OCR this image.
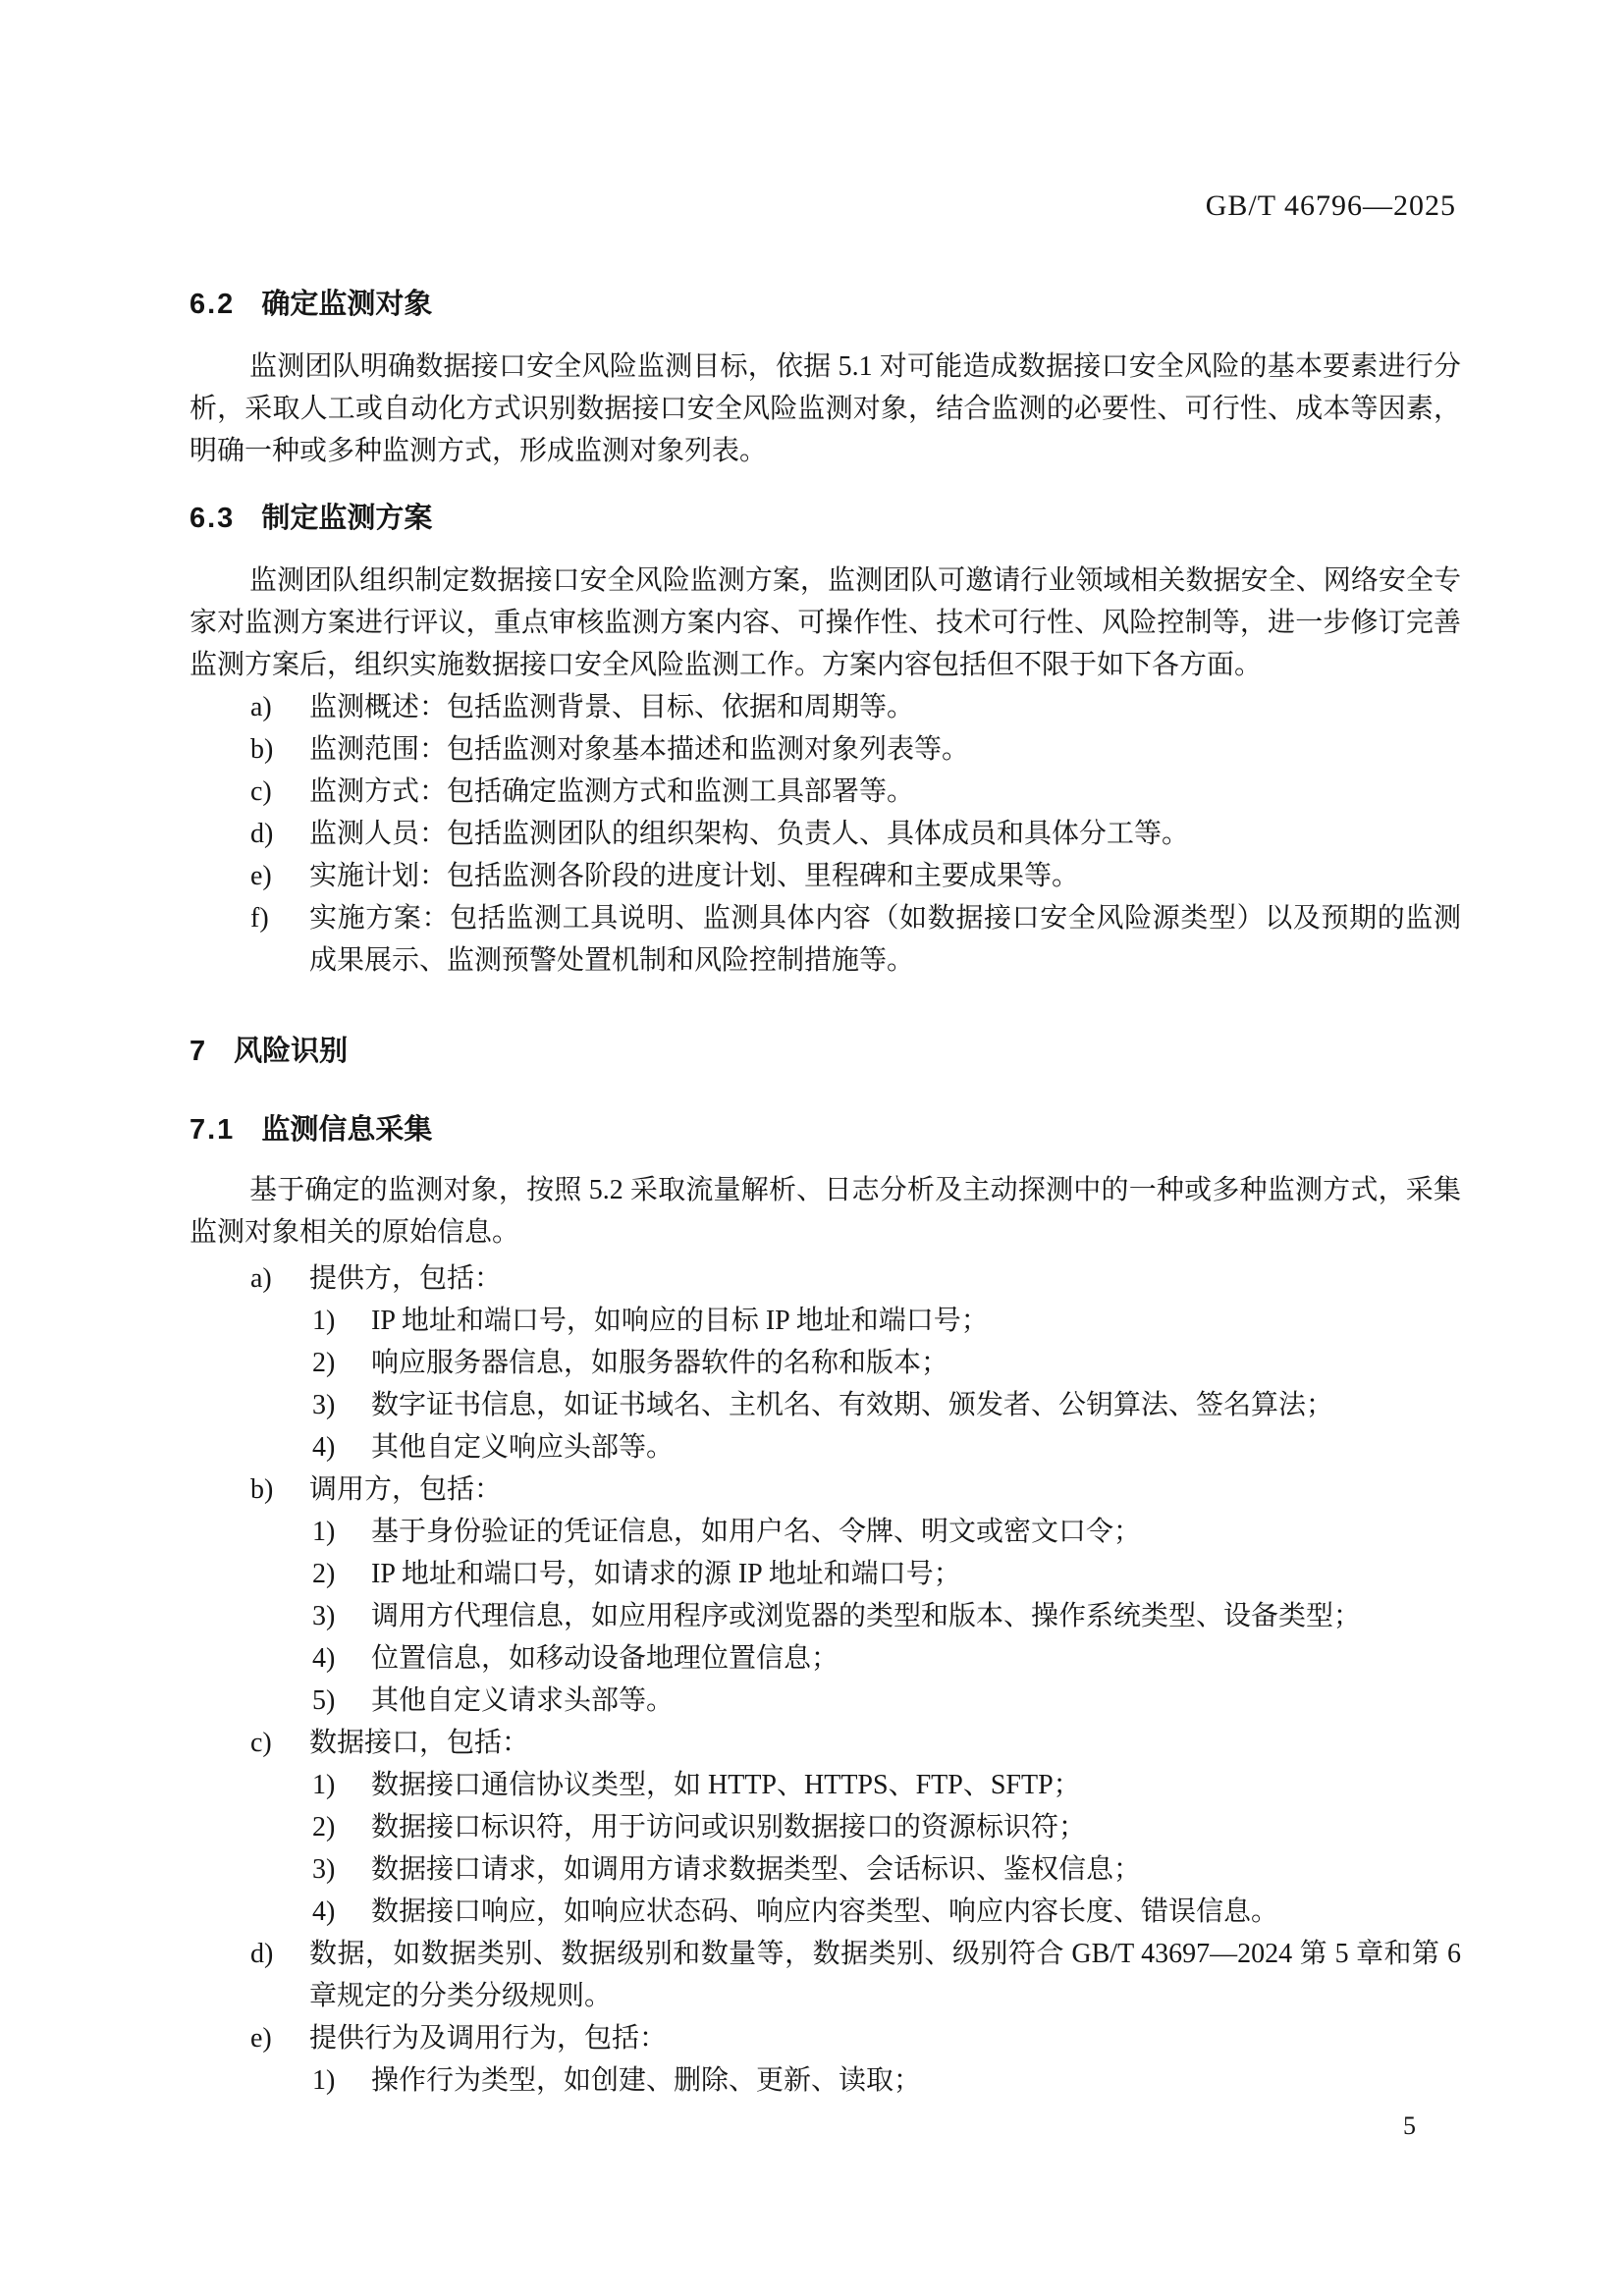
GB/T 46796—2025
6.2 确定监测对象
监测团队明确数据接口安全风险监测目标，依据 5.1 对可能造成数据接口安全风险的基本要素进行分析，采取人工或自动化方式识别数据接口安全风险监测对象，结合监测的必要性、可行性、成本等因素，明确一种或多种监测方式，形成监测对象列表。
6.3 制定监测方案
监测团队组织制定数据接口安全风险监测方案，监测团队可邀请行业领域相关数据安全、网络安全专家对监测方案进行评议，重点审核监测方案内容、可操作性、技术可行性、风险控制等，进一步修订完善监测方案后，组织实施数据接口安全风险监测工作。方案内容包括但不限于如下各方面。
a) 监测概述：包括监测背景、目标、依据和周期等。
b) 监测范围：包括监测对象基本描述和监测对象列表等。
c) 监测方式：包括确定监测方式和监测工具部署等。
d) 监测人员：包括监测团队的组织架构、负责人、具体成员和具体分工等。
e) 实施计划：包括监测各阶段的进度计划、里程碑和主要成果等。
f) 实施方案：包括监测工具说明、监测具体内容（如数据接口安全风险源类型）以及预期的监测成果展示、监测预警处置机制和风险控制措施等。
7 风险识别
7.1 监测信息采集
基于确定的监测对象，按照 5.2 采取流量解析、日志分析及主动探测中的一种或多种监测方式，采集监测对象相关的原始信息。
a) 提供方，包括：
1) IP 地址和端口号，如响应的目标 IP 地址和端口号；
2) 响应服务器信息，如服务器软件的名称和版本；
3) 数字证书信息，如证书域名、主机名、有效期、颁发者、公钥算法、签名算法；
4) 其他自定义响应头部等。
b) 调用方，包括：
1) 基于身份验证的凭证信息，如用户名、令牌、明文或密文口令；
2) IP 地址和端口号，如请求的源 IP 地址和端口号；
3) 调用方代理信息，如应用程序或浏览器的类型和版本、操作系统类型、设备类型；
4) 位置信息，如移动设备地理位置信息；
5) 其他自定义请求头部等。
c) 数据接口，包括：
1) 数据接口通信协议类型，如 HTTP、HTTPS、FTP、SFTP；
2) 数据接口标识符，用于访问或识别数据接口的资源标识符；
3) 数据接口请求，如调用方请求数据类型、会话标识、鉴权信息；
4) 数据接口响应，如响应状态码、响应内容类型、响应内容长度、错误信息。
d) 数据，如数据类别、数据级别和数量等，数据类别、级别符合 GB/T 43697—2024 第 5 章和第 6 章规定的分类分级规则。
e) 提供行为及调用行为，包括：
1) 操作行为类型，如创建、删除、更新、读取；
5
